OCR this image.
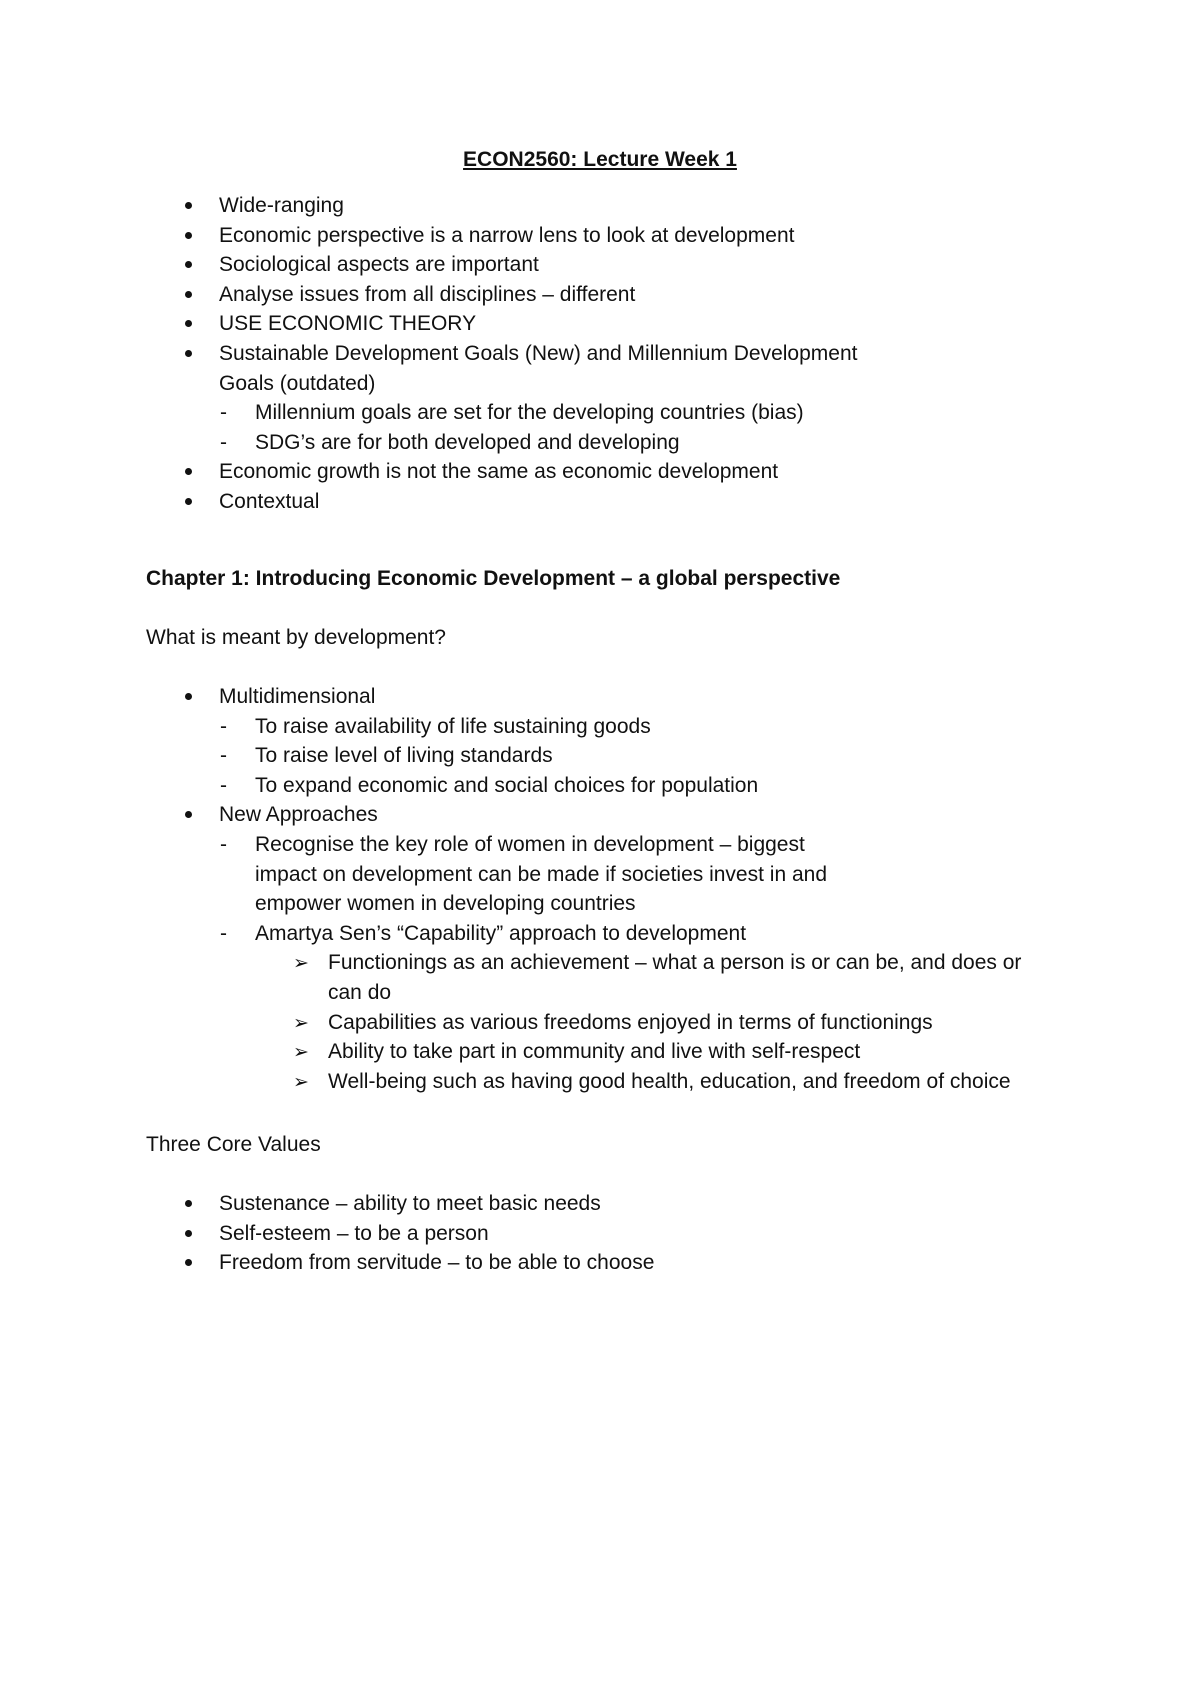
ECON2560: Lecture Week 1
Wide-ranging
Economic perspective is a narrow lens to look at development
Sociological aspects are important
Analyse issues from all disciplines – different
USE ECONOMIC THEORY
Sustainable Development Goals (New) and Millennium Development Goals (outdated)
- Millennium goals are set for the developing countries (bias)
- SDG’s are for both developed and developing
Economic growth is not the same as economic development
Contextual
Chapter 1: Introducing Economic Development – a global perspective
What is meant by development?
Multidimensional
- To raise availability of life sustaining goods
- To raise level of living standards
- To expand economic and social choices for population
New Approaches
- Recognise the key role of women in development – biggest impact on development can be made if societies invest in and empower women in developing countries
- Amartya Sen’s “Capability” approach to development
➢ Functionings as an achievement – what a person is or can be, and does or can do
➢ Capabilities as various freedoms enjoyed in terms of functionings
➢ Ability to take part in community and live with self-respect
➢ Well-being such as having good health, education, and freedom of choice
Three Core Values
Sustenance – ability to meet basic needs
Self-esteem – to be a person
Freedom from servitude – to be able to choose
